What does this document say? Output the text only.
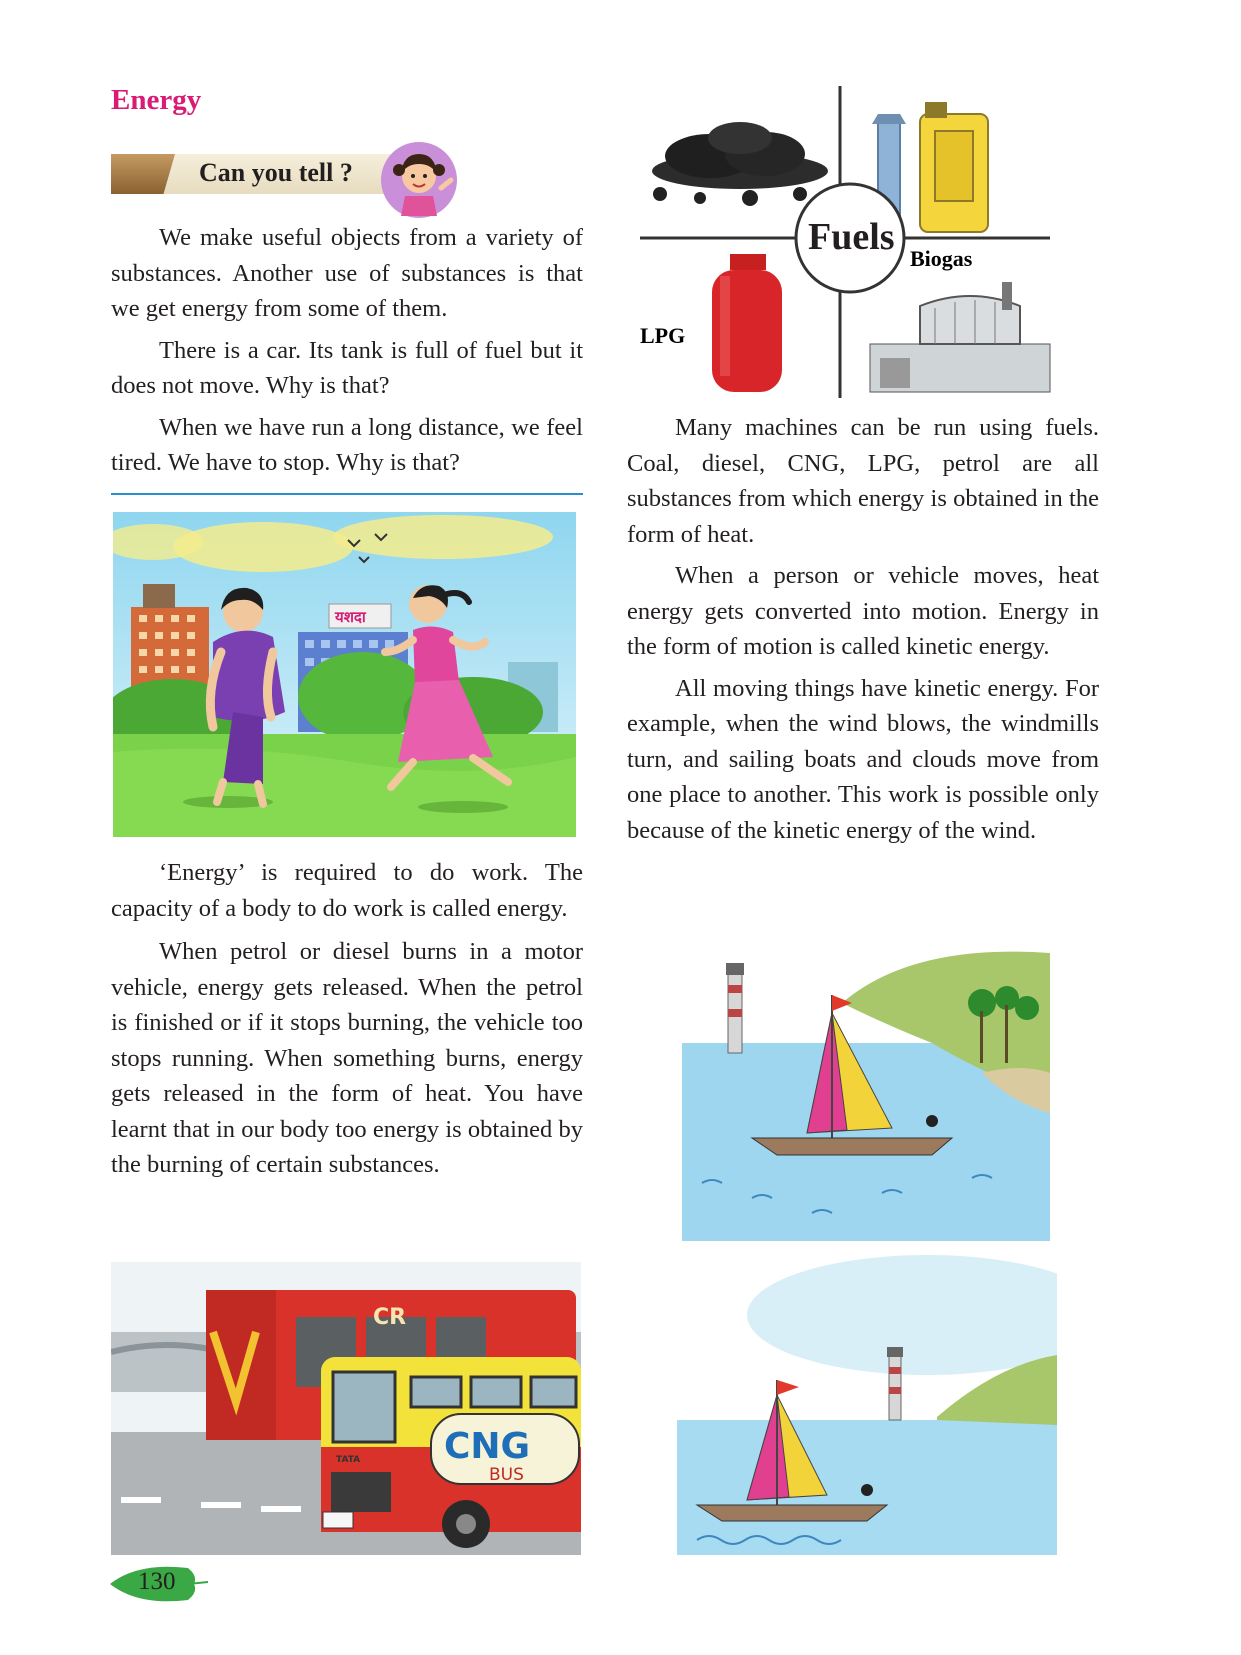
Energy
Can you tell ?

We make useful objects from a variety of substances. Another use of substances is that we get energy from some of them.

There is a car. Its tank is full of fuel but it does not move. Why is that?

When we have run a long distance, we feel tired. We have to stop. Why is that?

यशदा

‘Energy’ is required to do work. The capacity of a body to do work is called energy.

When petrol or diesel burns in a motor vehicle, energy gets released. When the petrol is finished or if it stops burning, the vehicle too stops running. When something burns, energy gets released in the form of heat. You have learnt that in our body too energy is obtained by the burning of certain substances.

CR
CNG
BUS
TATA
Fuels
Biogas
LPG

Many machines can be run using fuels. Coal, diesel, CNG, LPG, petrol are all substances from which energy is obtained in the form of heat.

When a person or vehicle moves, heat energy gets converted into motion. Energy in the form of motion is called kinetic energy.

All moving things have kinetic energy. For example, when the wind blows, the windmills turn, and sailing boats and clouds move from one place to another. This work is possible only because of the kinetic energy of the wind.

130
